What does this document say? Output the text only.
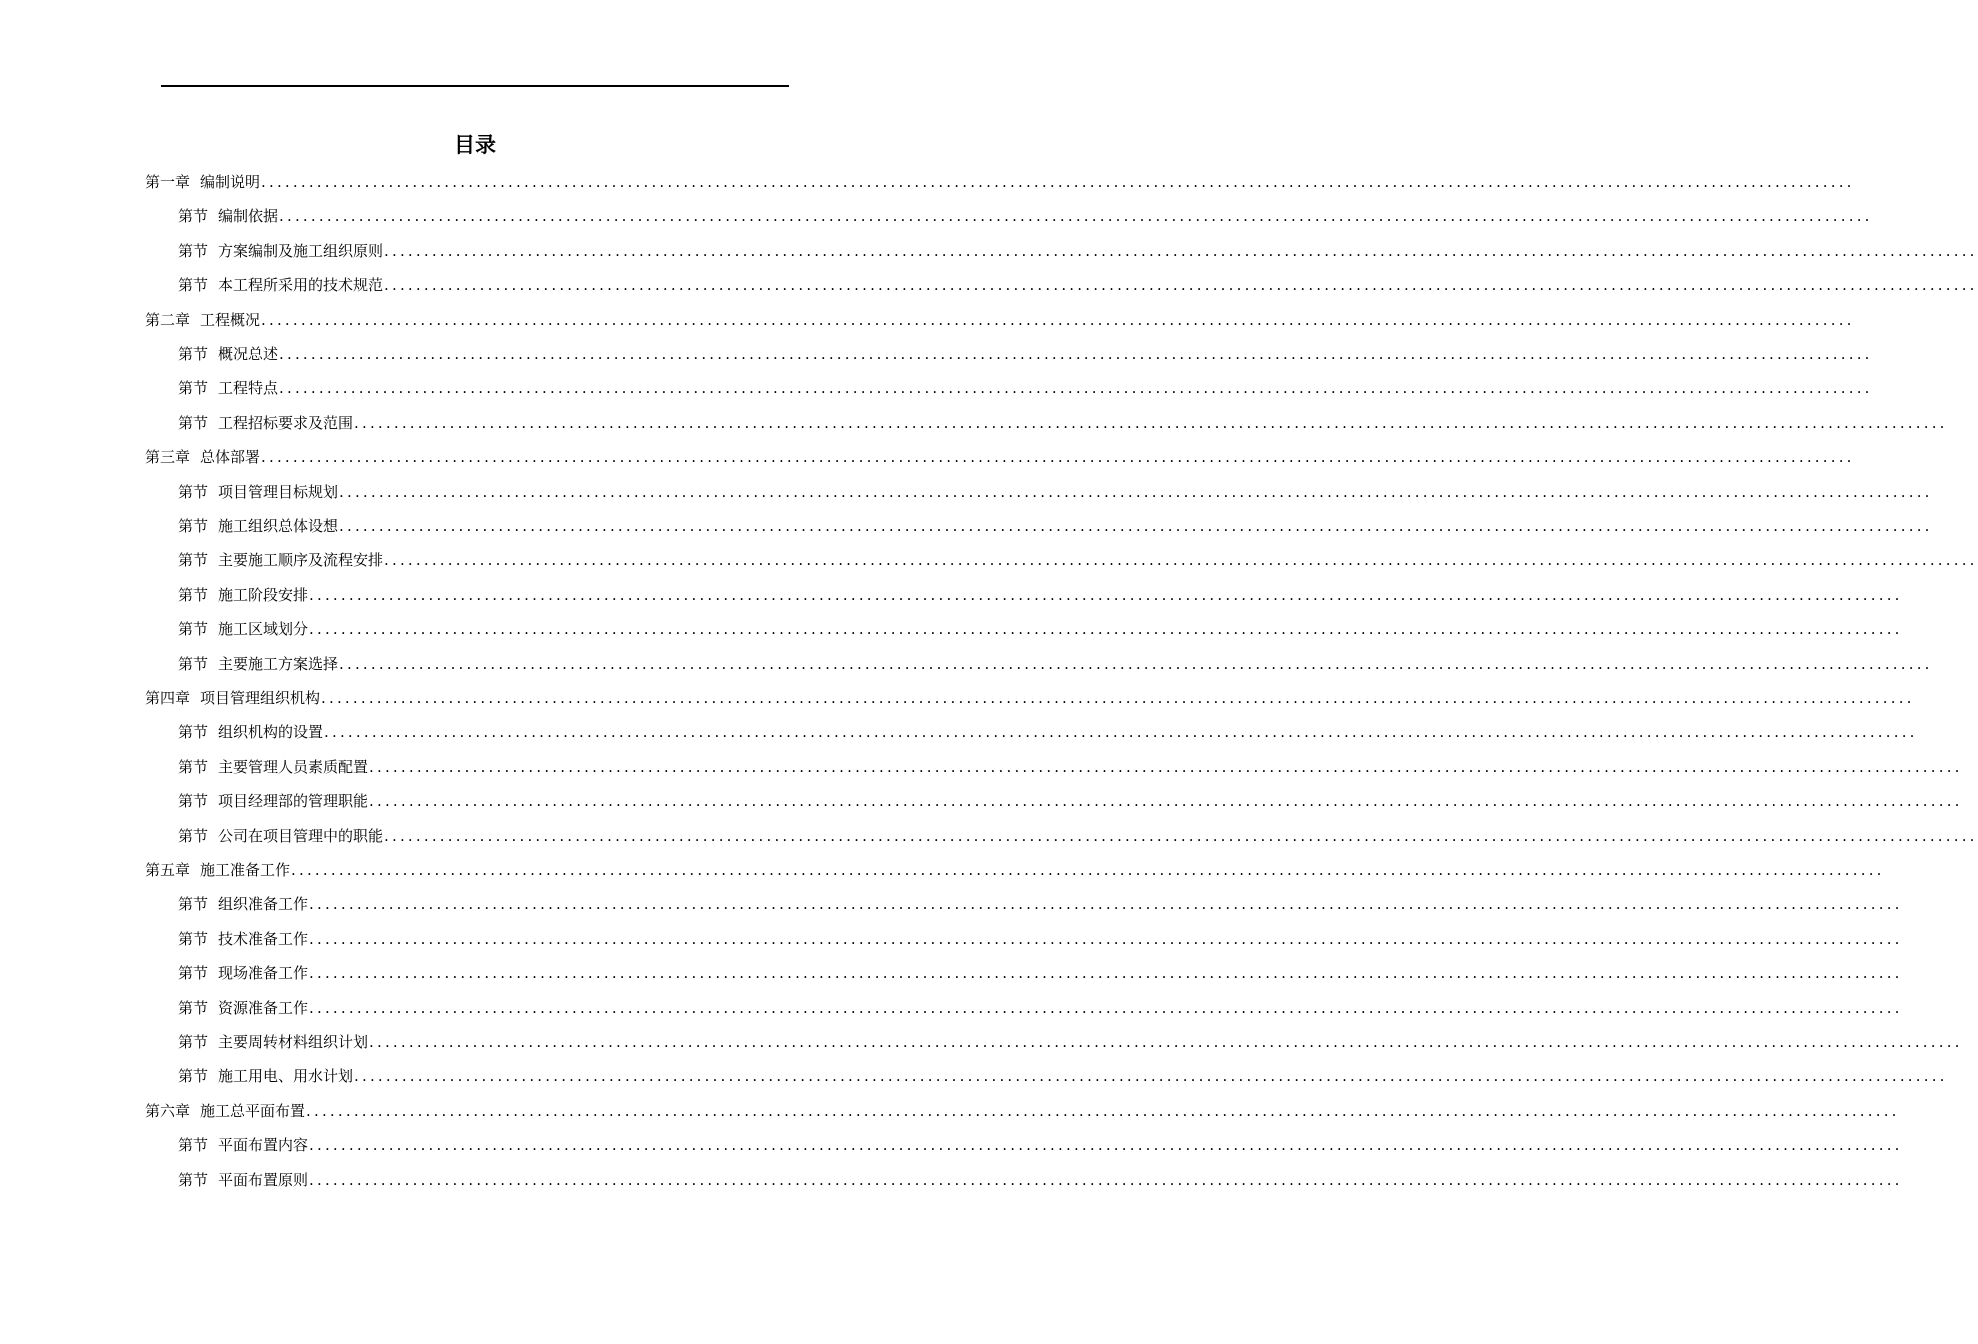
目录
第一章 编制说明 ........................................................................................................................................................................................................
第节 编制依据 ........................................................................................................................................................................................................
第节 方案编制及施工组织原则 ........................................................................................................................................................................................................
第节 本工程所采用的技术规范 ........................................................................................................................................................................................................
第二章 工程概况 ........................................................................................................................................................................................................
第节 概况总述 ........................................................................................................................................................................................................
第节 工程特点 ........................................................................................................................................................................................................
第节 工程招标要求及范围 ........................................................................................................................................................................................................
第三章 总体部署 ........................................................................................................................................................................................................
第节 项目管理目标规划 ........................................................................................................................................................................................................
第节 施工组织总体设想 ........................................................................................................................................................................................................
第节 主要施工顺序及流程安排 ........................................................................................................................................................................................................
第节 施工阶段安排 ........................................................................................................................................................................................................
第节 施工区域划分 ........................................................................................................................................................................................................
第节 主要施工方案选择 ........................................................................................................................................................................................................
第四章 项目管理组织机构 ........................................................................................................................................................................................................
第节 组织机构的设置 ........................................................................................................................................................................................................
第节 主要管理人员素质配置 ........................................................................................................................................................................................................
第节 项目经理部的管理职能 ........................................................................................................................................................................................................
第节 公司在项目管理中的职能 ........................................................................................................................................................................................................
第五章 施工准备工作 ........................................................................................................................................................................................................
第节 组织准备工作 ........................................................................................................................................................................................................
第节 技术准备工作 ........................................................................................................................................................................................................
第节 现场准备工作 ........................................................................................................................................................................................................
第节 资源准备工作 ........................................................................................................................................................................................................
第节 主要周转材料组织计划 ........................................................................................................................................................................................................
第节 施工用电、用水计划 ........................................................................................................................................................................................................
第六章 施工总平面布置 ........................................................................................................................................................................................................
第节 平面布置内容 ........................................................................................................................................................................................................
第节 平面布置原则 ........................................................................................................................................................................................................
